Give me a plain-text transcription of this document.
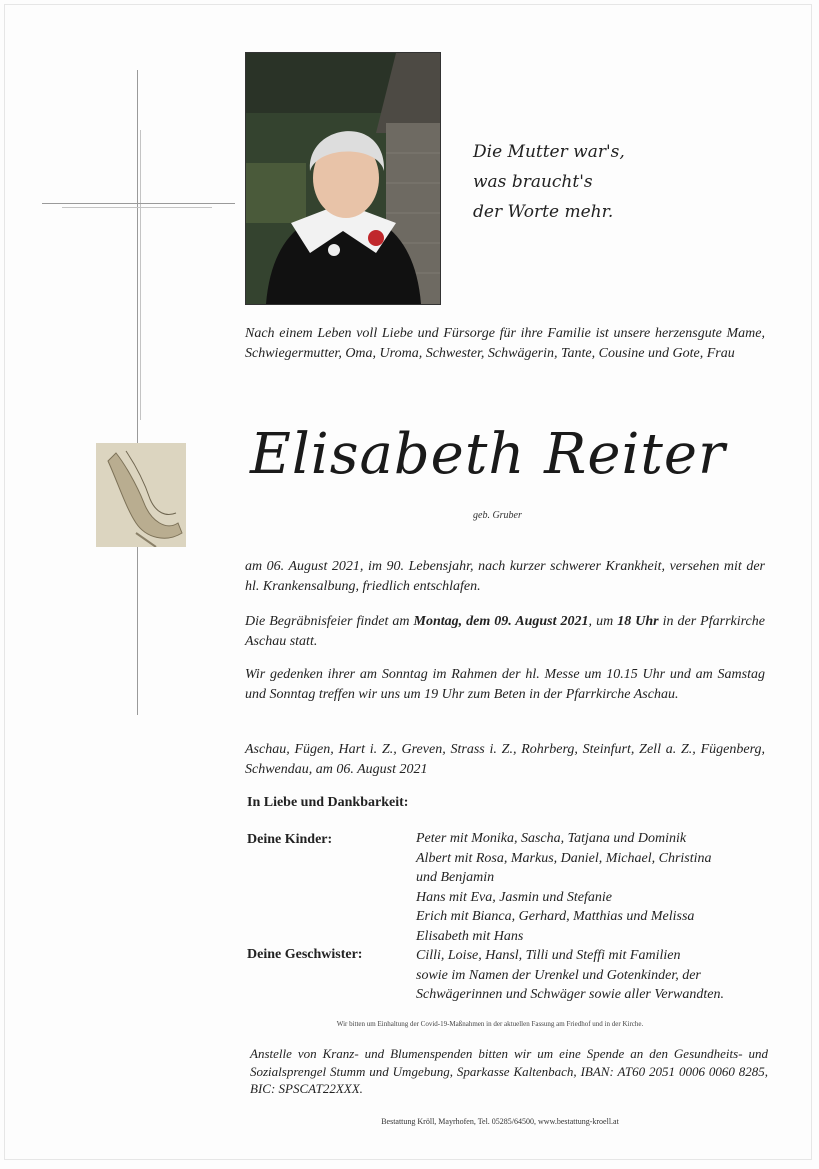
Die Mutter war's,
was braucht's
der Worte mehr.
Nach einem Leben voll Liebe und Fürsorge für ihre Familie ist unsere herzensgute Mame, Schwiegermutter, Oma, Uroma, Schwester, Schwägerin, Tante, Cousine und Gote, Frau
Elisabeth Reiter
geb. Gruber
am 06. August 2021, im 90. Lebensjahr, nach kurzer schwerer Krankheit, versehen mit der hl. Krankensalbung, friedlich entschlafen.
Die Begräbnisfeier findet am Montag, dem 09. August 2021, um 18 Uhr in der Pfarrkirche Aschau statt.
Wir gedenken ihrer am Sonntag im Rahmen der hl. Messe um 10.15 Uhr und am Samstag und Sonntag treffen wir uns um 19 Uhr zum Beten in der Pfarrkirche Aschau.
Aschau, Fügen, Hart i. Z., Greven, Strass i. Z., Rohrberg, Steinfurt, Zell a. Z., Fügenberg, Schwendau, am 06. August 2021
In Liebe und Dankbarkeit:
Deine Kinder:	Peter mit Monika, Sascha, Tatjana und Dominik
Albert mit Rosa, Markus, Daniel, Michael, Christina
und Benjamin
Hans mit Eva, Jasmin und Stefanie
Erich mit Bianca, Gerhard, Matthias und Melissa
Elisabeth mit Hans
Deine Geschwister:	Cilli, Loise, Hansl, Tilli und Steffi mit Familien
sowie im Namen der Urenkel und Gotenkinder, der
Schwägerinnen und Schwäger sowie aller Verwandten.
Wir bitten um Einhaltung der Covid-19-Maßnahmen in der aktuellen Fassung am Friedhof und in der Kirche.
Anstelle von Kranz- und Blumenspenden bitten wir um eine Spende an den Gesundheits- und Sozialsprengel Stumm und Umgebung, Sparkasse Kaltenbach, IBAN: AT60 2051 0006 0060 8285, BIC: SPSCAT22XXX.
Bestattung Kröll, Mayrhofen, Tel. 05285/64500, www.bestattung-kroell.at
